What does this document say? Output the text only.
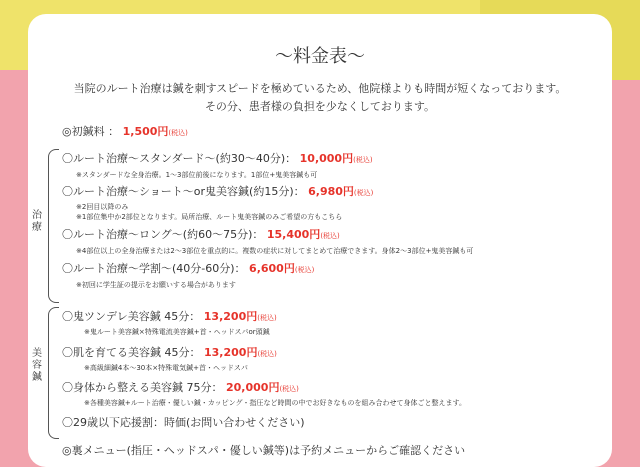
～料金表～
当院のルート治療は鍼を刺すスピードを極めているため、他院様よりも時間が短くなっております。
その分、患者様の負担を少なくしております。
◎初鍼料 ： 1,500円(税込)
治療
〇ルート治療～スタンダード～(約30～40分)： 10,000円(税込)
※スタンダードな全身治療。1～3部位前後になります。1部位+鬼美容鍼も可
〇ルート治療～ショート～or鬼美容鍼(約15分)： 6,980円(税込)
※2回目以降のみ
※1部位集中か2部位となります。局所治療、ルート鬼美容鍼のみご希望の方もこちら
〇ルート治療～ロング～(約60～75分)： 15,400円(税込)
※4部位以上の全身治療または2～3部位を重点的に。複数の症状に対してまとめて治療できます。身体2～3部位+鬼美容鍼も可
〇ルート治療～学割～(40分-60分)： 6,600円(税込)
※初回に学生証の提示をお願いする場合があります
美容鍼
〇鬼ツンデレ美容鍼 45分： 13,200円(税込)
※鬼ルート美容鍼×特殊電流美容鍼+首・ヘッドスパor頭鍼
〇肌を育てる美容鍼 45分： 13,200円(税込)
※高級細鍼4本～30本×特殊電気鍼+首・ヘッドスパ
〇身体から整える美容鍼 75分： 20,000円(税込)
※各種美容鍼+ルート治療・優しい鍼・カッピング・指圧など時間の中でお好きなものを組み合わせて身体ごと整えます。
〇29歳以下応援割：時価(お問い合わせください)
◎裏メニュー(指圧・ヘッドスパ・優しい鍼等)は予約メニューからご確認ください
